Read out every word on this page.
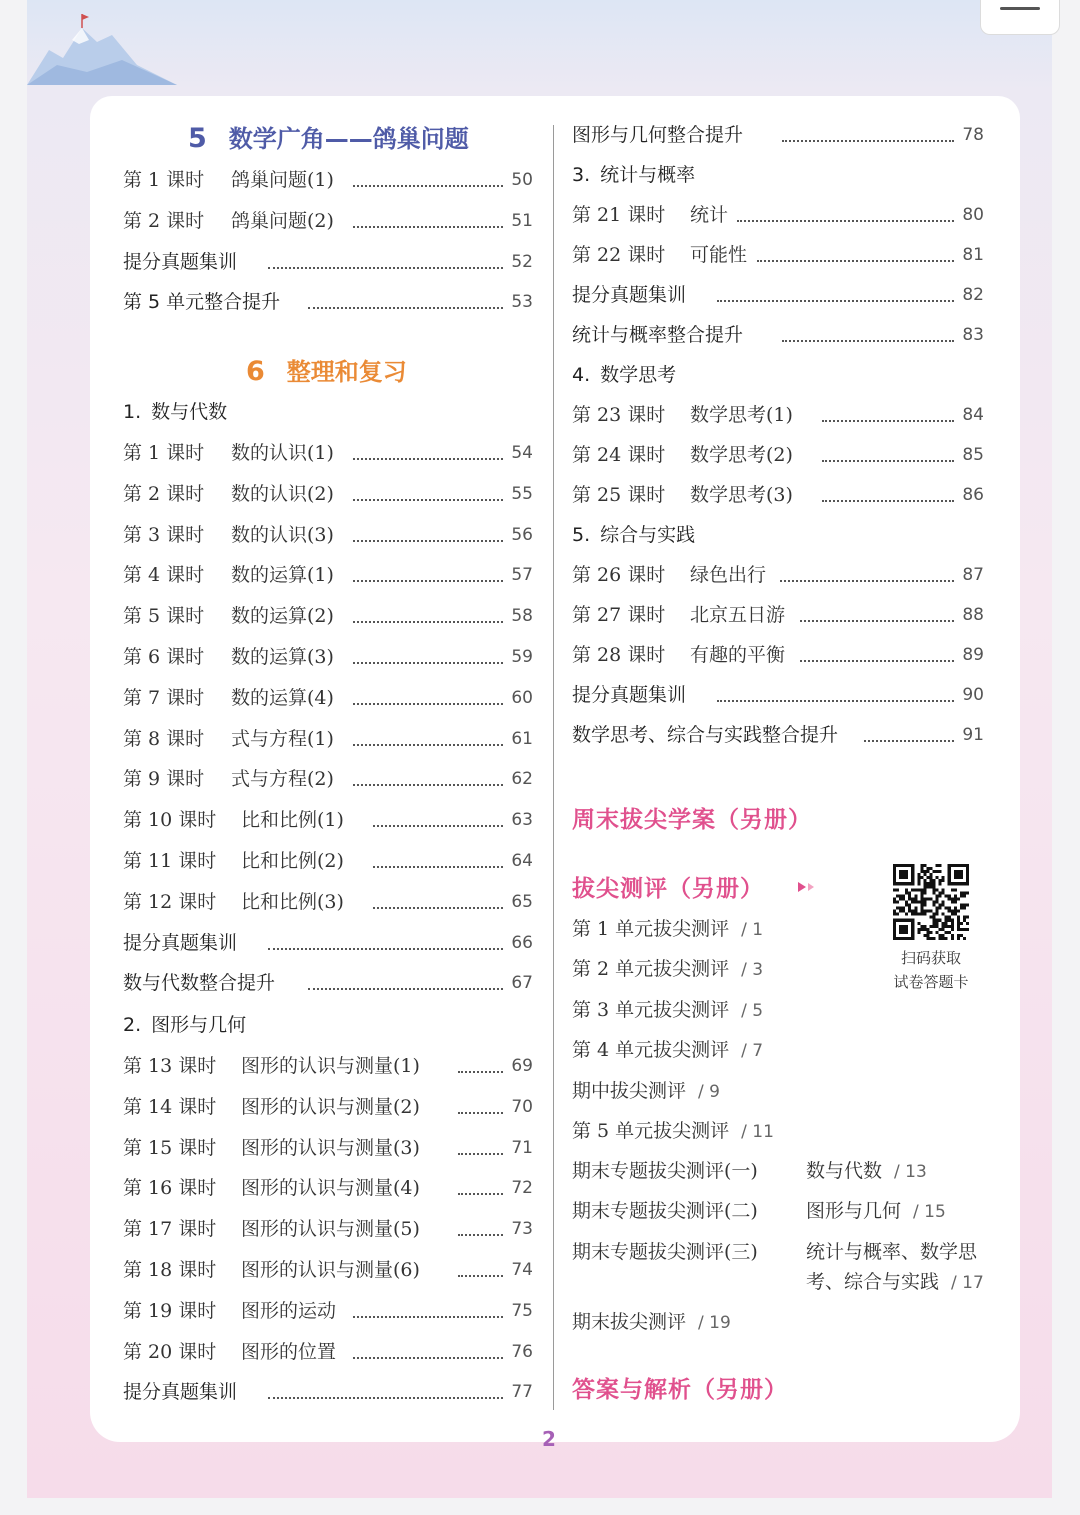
5 数学广角——鸽巢问题
6 整理和复习
第 1 课时 鸽巢问题(1)	50
第 2 课时 鸽巢问题(2)	51
提分真题集训	52
第 5 单元整合提升	53
第 1 课时 数的认识(1)	54
第 2 课时 数的认识(2)	55
第 3 课时 数的认识(3)	56
第 4 课时 数的运算(1)	57
第 5 课时 数的运算(2)	58
第 6 课时 数的运算(3)	59
第 7 课时 数的运算(4)	60
第 8 课时 式与方程(1)	61
第 9 课时 式与方程(2)	62
第 10 课时 比和比例(1)	63
第 11 课时 比和比例(2)	64
第 12 课时 比和比例(3)	65
提分真题集训	66
数与代数整合提升	67
第 13 课时 图形的认识与测量(1)	69
第 14 课时 图形的认识与测量(2)	70
第 15 课时 图形的认识与测量(3)	71
第 16 课时 图形的认识与测量(4)	72
第 17 课时 图形的认识与测量(5)	73
第 18 课时 图形的认识与测量(6)	74
第 19 课时 图形的运动	75
第 20 课时 图形的位置	76
提分真题集训	77
图形与几何整合提升	78
第 21 课时 统计	80
第 22 课时 可能性	81
提分真题集训	82
统计与概率整合提升	83
第 23 课时 数学思考(1)	84
第 24 课时 数学思考(2)	85
第 25 课时 数学思考(3)	86
第 26 课时 绿色出行	87
第 27 课时 北京五日游	88
第 28 课时 有趣的平衡	89
提分真题集训	90
数学思考、综合与实践整合提升	91
周末拔尖学案（另册）
拔尖测评（另册）
第 1 单元拔尖测评 / 1
第 2 单元拔尖测评 / 3
第 3 单元拔尖测评 / 5
第 4 单元拔尖测评 / 7
期中拔尖测评 / 9
第 5 单元拔尖测评 / 11
期末专题拔尖测评(一)	数与代数 / 13
期末专题拔尖测评(二)	图形与几何 / 15
期末专题拔尖测评(三)	统计与概率、数学思
考、综合与实践 / 17
期末拔尖测评 / 19
扫码获取
试卷答题卡
答案与解析（另册）
2
1. 数与代数
2. 图形与几何
3. 统计与概率
4. 数学思考
5. 综合与实践
